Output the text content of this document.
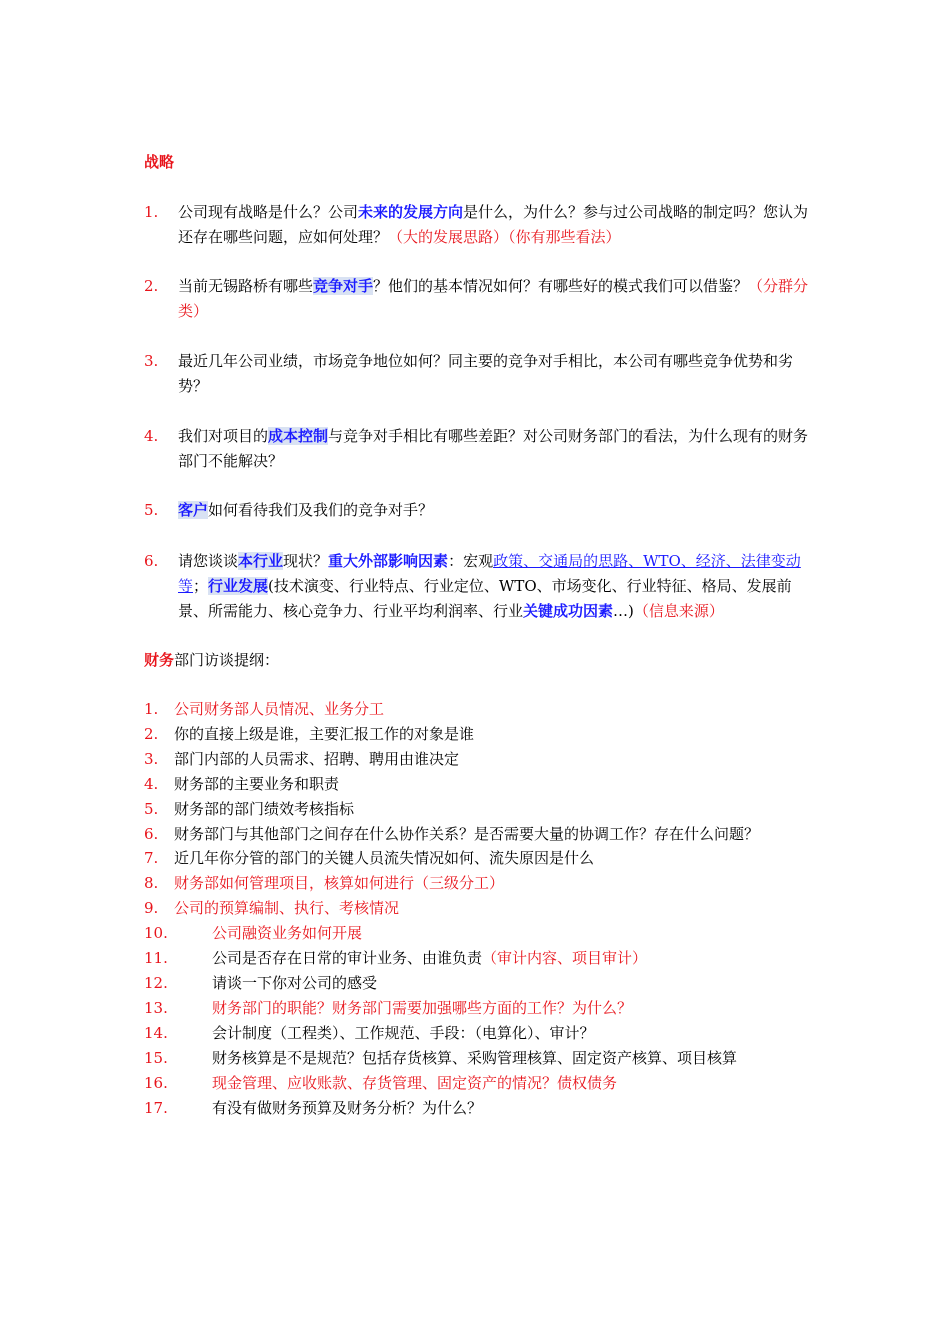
战略
1. 公司现有战略是什么？公司未来的发展方向是什么，为什么？参与过公司战略的制定吗？您认为还存在哪些问题，应如何处理？（大的发展思路）（你有那些看法）
2. 当前无锡路桥有哪些竞争对手？他们的基本情况如何？有哪些好的模式我们可以借鉴？（分群分类）
3. 最近几年公司业绩，市场竞争地位如何？同主要的竞争对手相比，本公司有哪些竞争优势和劣势？
4. 我们对项目的成本控制与竞争对手相比有哪些差距？对公司财务部门的看法，为什么现有的财务部门不能解决？
5. 客户如何看待我们及我们的竞争对手？
6. 请您谈谈本行业现状？重大外部影响因素：宏观政策、交通局的思路、WTO、经济、法律变动等；行业发展(技术演变、行业特点、行业定位、WTO、市场变化、行业特征、格局、发展前景、所需能力、核心竞争力、行业平均利润率、行业关键成功因素…)（信息来源）
财务部门访谈提纲：
1. 公司财务部人员情况、业务分工
2. 你的直接上级是谁，主要汇报工作的对象是谁
3. 部门内部的人员需求、招聘、聘用由谁决定
4. 财务部的主要业务和职责
5. 财务部的部门绩效考核指标
6. 财务部门与其他部门之间存在什么协作关系？是否需要大量的协调工作？存在什么问题？
7. 近几年你分管的部门的关键人员流失情况如何、流失原因是什么
8. 财务部如何管理项目，核算如何进行（三级分工）
9. 公司的预算编制、执行、考核情况
10.	公司融资业务如何开展
11.	公司是否存在日常的审计业务、由谁负责（审计内容、项目审计）
12.	请谈一下你对公司的感受
13.	财务部门的职能？财务部门需要加强哪些方面的工作？为什么？
14.	会计制度（工程类）、工作规范、手段：（电算化）、审计？
15.	财务核算是不是规范？包括存货核算、采购管理核算、固定资产核算、项目核算
16.	现金管理、应收账款、存货管理、固定资产的情况？债权债务
17.	有没有做财务预算及财务分析？为什么？
